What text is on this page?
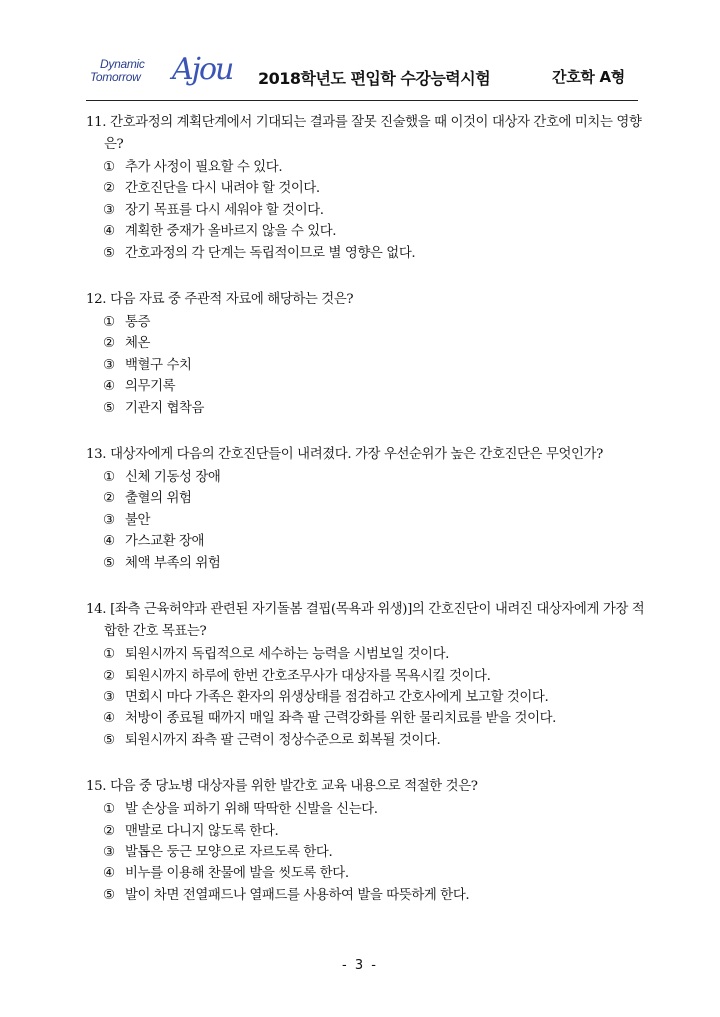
Dynamic
Tomorrow Ajou 2018학년도 편입학 수강능력시험	간호학 A형
11. 간호과정의 계획단계에서 기대되는 결과를 잘못 진술했을 때 이것이 대상자 간호에 미치는 영향은?
① 추가 사정이 필요할 수 있다.
② 간호진단을 다시 내려야 할 것이다.
③ 장기 목표를 다시 세워야 할 것이다.
④ 계획한 중재가 올바르지 않을 수 있다.
⑤ 간호과정의 각 단계는 독립적이므로 별 영향은 없다.
12. 다음 자료 중 주관적 자료에 해당하는 것은?
① 통증
② 체온
③ 백혈구 수치
④ 의무기록
⑤ 기관지 협착음
13. 대상자에게 다음의 간호진단들이 내려졌다. 가장 우선순위가 높은 간호진단은 무엇인가?
① 신체 기동성 장애
② 출혈의 위험
③ 불안
④ 가스교환 장애
⑤ 체액 부족의 위험
14. [좌측 근육허약과 관련된 자기돌봄 결핍(목욕과 위생)]의 간호진단이 내려진 대상자에게 가장 적합한 간호 목표는?
① 퇴원시까지 독립적으로 세수하는 능력을 시범보일 것이다.
② 퇴원시까지 하루에 한번 간호조무사가 대상자를 목욕시킬 것이다.
③ 면회시 마다 가족은 환자의 위생상태를 점검하고 간호사에게 보고할 것이다.
④ 처방이 종료될 때까지 매일 좌측 팔 근력강화를 위한 물리치료를 받을 것이다.
⑤ 퇴원시까지 좌측 팔 근력이 정상수준으로 회복될 것이다.
15. 다음 중 당뇨병 대상자를 위한 발간호 교육 내용으로 적절한 것은?
① 발 손상을 피하기 위해 딱딱한 신발을 신는다.
② 맨발로 다니지 않도록 한다.
③ 발톱은 둥근 모양으로 자르도록 한다.
④ 비누를 이용해 찬물에 발을 씻도록 한다.
⑤ 발이 차면 전열패드나 열패드를 사용하여 발을 따뜻하게 한다.
- 3 -
